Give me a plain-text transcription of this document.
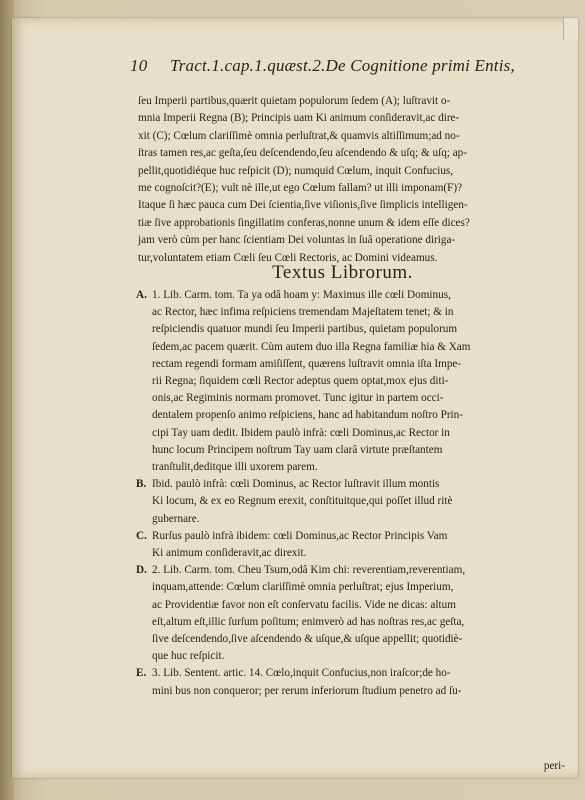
10 Tract.1.cap.1.quæst.2.De Cognitione primi Entis,
ſeu Imperii partibus,quærit quietam populorum ſedem (A); luſtravit o-
mnia Imperii Regna (B); Principis uam Ki animum conſideravit,ac dire-
xit (C); Cœlum clariſſimè omnia perluſtrat,& quamvis altiſſimum;ad no-
ſtras tamen res,ac geſta,ſeu deſcendendo,ſeu aſcendendo & uſq; & uſq; ap-
pellit,quotidiéque huc reſpicit (D); numquid Cœlum, inquit Confucius,
me cognoſcit?(E); vult nè ille,ut ego Cœlum fallam? ut illi imponam(F)?
Itaque ſi hæc pauca cum Dei ſcientia,ſive viſionis,ſive ſimplicis intelligen-
tiæ ſive approbationis ſingillatim conferas,nonne unum & idem eſſe dices?
jam verò cùm per hanc ſcientiam Dei voluntas in ſuâ operatione diriga-
tur,voluntatem etiam Cœli ſeu Cœli Rectoris, ac Domini videamus.
Textus Librorum.
A. 1. Lib. Carm. tom. Ta ya odâ hoam y: Maximus ille cœli Dominus,
ac Rector, hæc infima reſpiciens tremendam Majeſtatem tenet; & in
reſpiciendis quatuor mundi ſeu Imperii partibus, quietam populorum
ſedem,ac pacem quærit. Cùm autem duo illa Regna familiæ hia & Xam
rectam regendi formam amiſiſſent, quærens luſtravit omnia iſta Impe-
rii Regna; ſiquidem cœli Rector adeptus quem optat,mox ejus diti-
onis,ac Regiminis normam promovet. Tunc igitur in partem occi-
dentalem propenſo animo reſpiciens, hanc ad habitandum noſtro Prin-
cipi Tay uam dedit. Ibidem paulò infrà: cœli Dominus,ac Rector in
hunc locum Principem noſtrum Tay uam clarâ virtute præſtantem
tranſtulit,deditque illi uxorem parem.
B. Ibid. paulò infrà: cœli Dominus, ac Rector luſtravit illum montis
Ki locum, & ex eo Regnum erexit, conſtituitque,qui poſſet illud ritè
gubernare.
C. Rurſus paulò infrà ibidem: cœli Dominus,ac Rector Principis Vam
Ki animum conſideravit,ac direxit.
D. 2. Lib. Carm. tom. Cheu Tsum,odâ Kim chi: reverentiam,reverentiam,
inquam,attende: Cœlum clariſſimè omnia perluſtrat; ejus Imperium,
ac Providentiæ favor non eſt conſervatu facilis. Vide ne dicas: altum
eſt,altum eſt,illic ſurſum poſitum; enimverò ad has noſtras res,ac geſta,
ſive deſcendendo,ſive aſcendendo & uſque,& uſque appellit; quotidiè-
que huc reſpicit.
E. 3. Lib. Sentent. artic. 14. Cœlo,inquit Confucius,non iraſcor;de ho-
mini bus non conqueror; per rerum inferiorum ſtudium penetro ad ſu-
peri-
